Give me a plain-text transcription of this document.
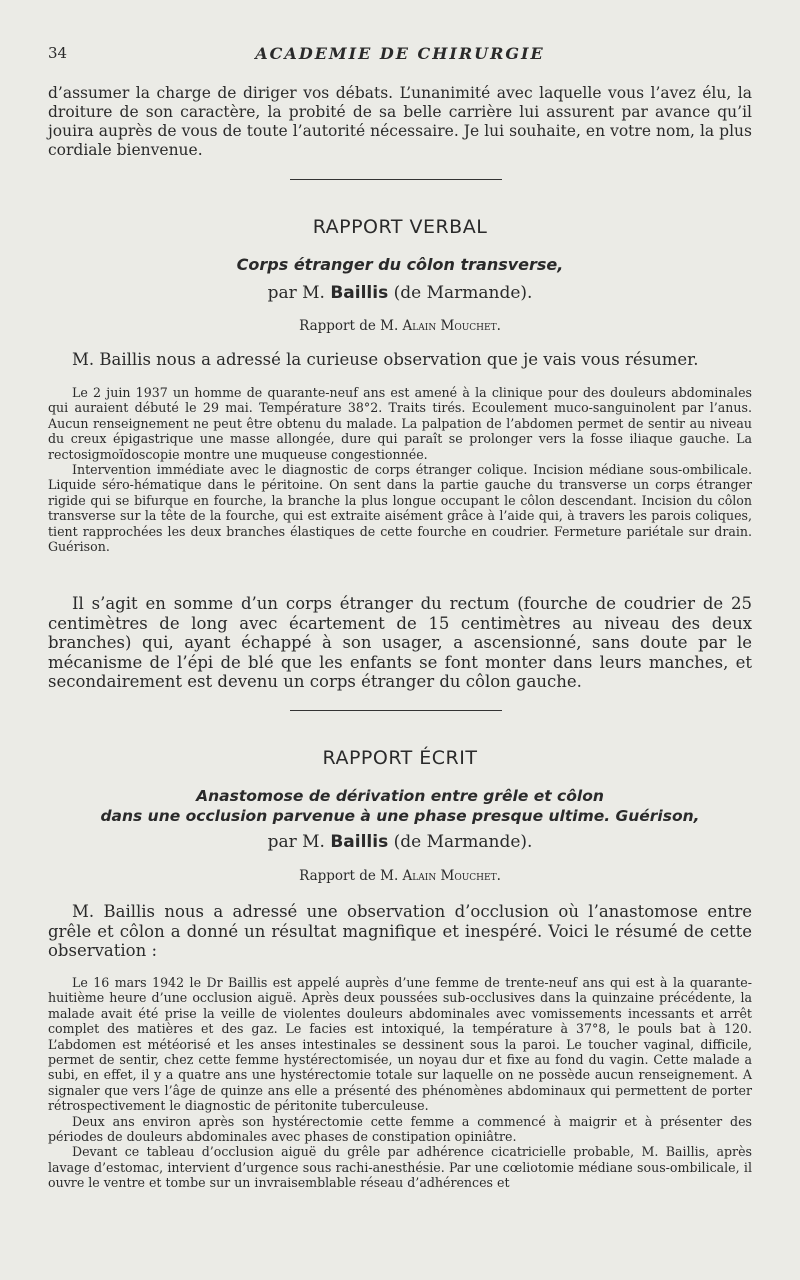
34	ACADEMIE DE CHIRURGIE

d’assumer la charge de diriger vos débats. L’unanimité avec laquelle vous l’avez élu, la droiture de son caractère, la probité de sa belle carrière lui assurent par avance qu’il jouira auprès de vous de toute l’autorité nécessaire. Je lui souhaite, en votre nom, la plus cordiale bienvenue.

RAPPORT VERBAL

Corps étranger du côlon transverse,

par M. Baillis (de Marmande).

Rapport de M. Alain Mouchet.

M. Baillis nous a adressé la curieuse observation que je vais vous résumer.

Le 2 juin 1937 un homme de quarante-neuf ans est amené à la clinique pour des douleurs abdominales qui auraient débuté le 29 mai. Température 38°2. Traits tirés. Ecoulement muco-sanguinolent par l’anus. Aucun renseignement ne peut être obtenu du malade. La palpation de l’abdomen permet de sentir au niveau du creux épigastrique une masse allongée, dure qui paraît se prolonger vers la fosse iliaque gauche. La rectosigmoïdoscopie montre une muqueuse congestionnée.

Intervention immédiate avec le diagnostic de corps étranger colique. Incision médiane sous-ombilicale. Liquide séro-hématique dans le péritoine. On sent dans la partie gauche du transverse un corps étranger rigide qui se bifurque en fourche, la branche la plus longue occupant le côlon descendant. Incision du côlon transverse sur la tête de la fourche, qui est extraite aisément grâce à l’aide qui, à travers les parois coliques, tient rapprochées les deux branches élastiques de cette fourche en coudrier. Fermeture pariétale sur drain. Guérison.

Il s’agit en somme d’un corps étranger du rectum (fourche de coudrier de 25 centimètres de long avec écartement de 15 centimètres au niveau des deux branches) qui, ayant échappé à son usager, a ascensionné, sans doute par le mécanisme de l’épi de blé que les enfants se font monter dans leurs manches, et secondairement est devenu un corps étranger du côlon gauche.

RAPPORT ÉCRIT

Anastomose de dérivation entre grêle et côlon

dans une occlusion parvenue à une phase presque ultime. Guérison,

par M. Baillis (de Marmande).

Rapport de M. Alain Mouchet.

M. Baillis nous a adressé une observation d’occlusion où l’anastomose entre grêle et côlon a donné un résultat magnifique et inespéré. Voici le résumé de cette observation :

Le 16 mars 1942 le Dr Baillis est appelé auprès d’une femme de trente-neuf ans qui est à la quarante-huitième heure d’une occlusion aiguë. Après deux poussées sub-occlusives dans la quinzaine précédente, la malade avait été prise la veille de violentes douleurs abdominales avec vomissements incessants et arrêt complet des matières et des gaz. Le facies est intoxiqué, la température à 37°8, le pouls bat à 120. L’abdomen est météorisé et les anses intestinales se dessinent sous la paroi. Le toucher vaginal, difficile, permet de sentir, chez cette femme hystérectomisée, un noyau dur et fixe au fond du vagin. Cette malade a subi, en effet, il y a quatre ans une hystérectomie totale sur laquelle on ne possède aucun renseignement. A signaler que vers l’âge de quinze ans elle a présenté des phénomènes abdominaux qui permettent de porter rétrospectivement le diagnostic de péritonite tuberculeuse.

Deux ans environ après son hystérectomie cette femme a commencé à maigrir et à présenter des périodes de douleurs abdominales avec phases de constipation opiniâtre.

Devant ce tableau d’occlusion aiguë du grêle par adhérence cicatricielle probable, M. Baillis, après lavage d’estomac, intervient d’urgence sous rachi-anesthésie. Par une cœliotomie médiane sous-ombilicale, il ouvre le ventre et tombe sur un invraisemblable réseau d’adhérences et
